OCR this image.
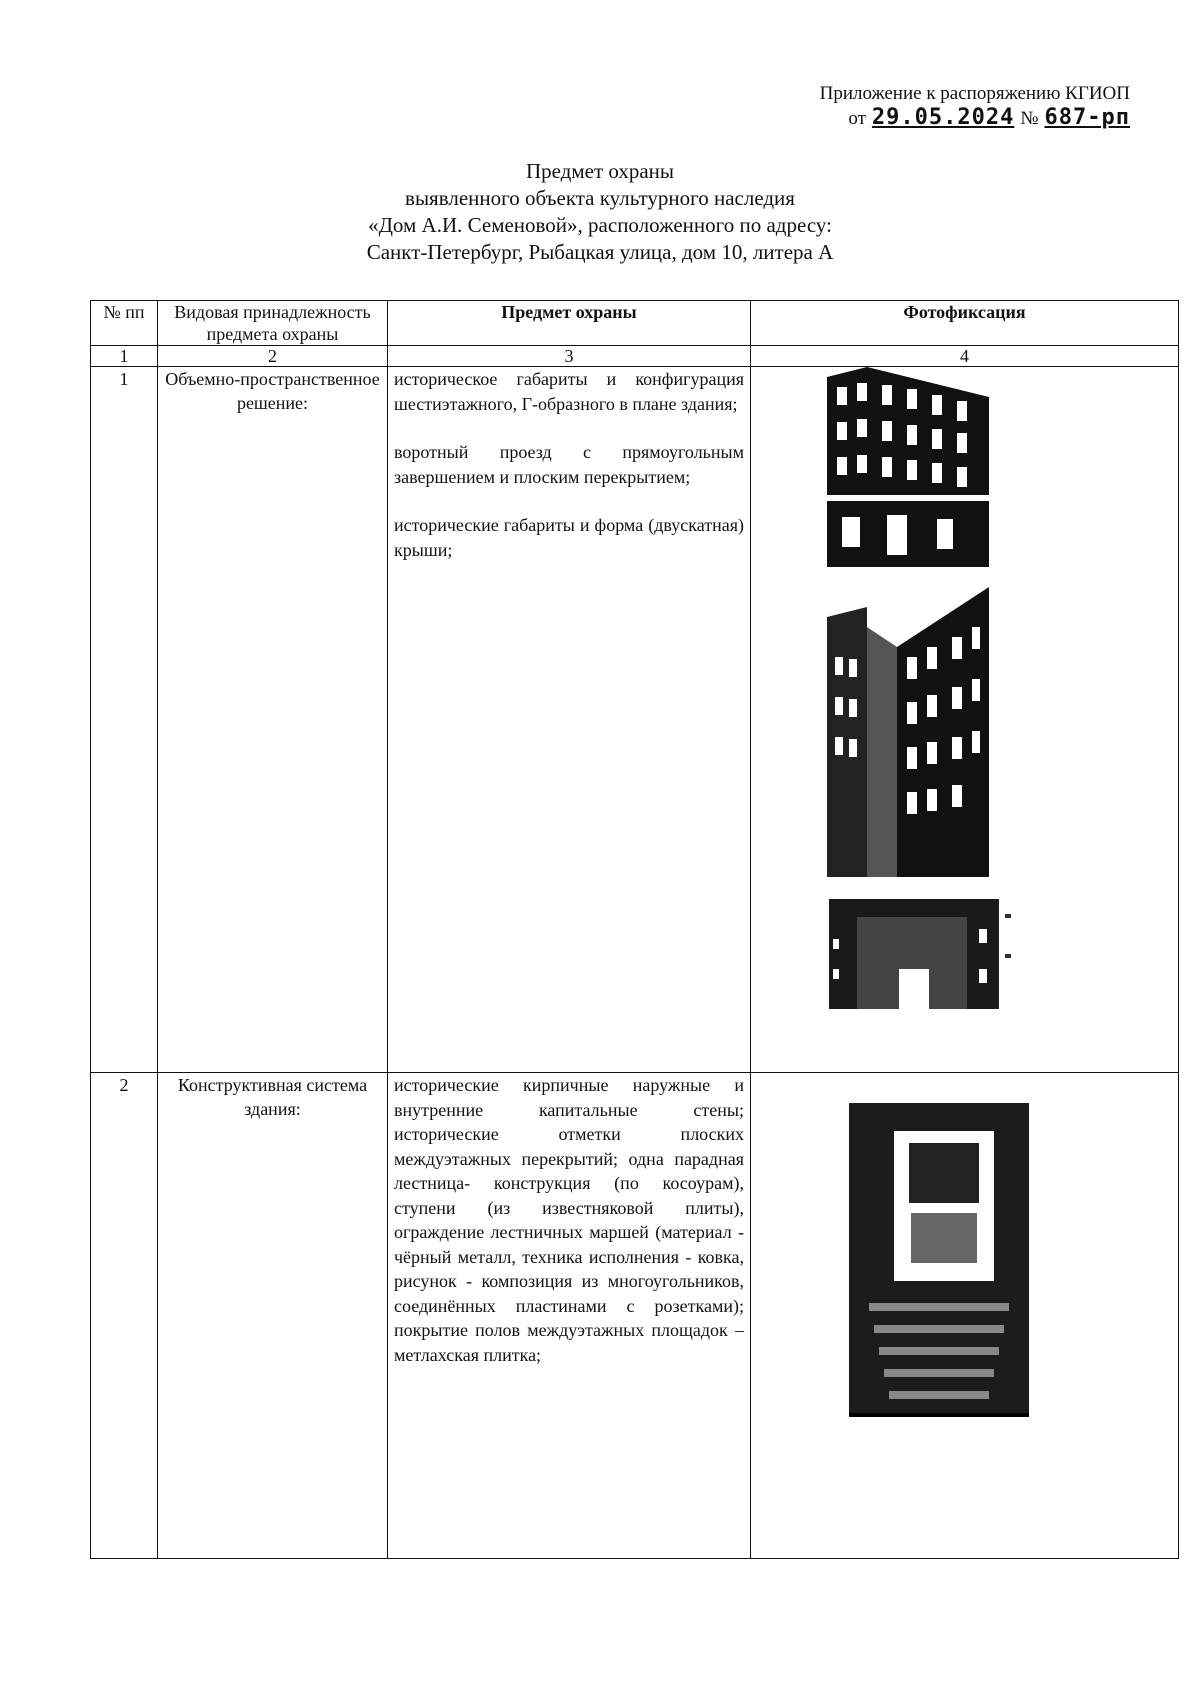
Приложение к распоряжению КГИОП
от 29.05.2024 № 687-рп
Предмет охраны
выявленного объекта культурного наследия
«Дом А.И. Семеновой», расположенного по адресу:
Санкт-Петербург, Рыбацкая улица, дом 10, литера А
№ пп	Видовая принадлежность предмета охраны	Предмет охраны	Фотофиксация
1	2	3	4
1	Объемно-пространственное решение:	историческое габариты и конфигурация шестиэтажного, Г-образного в плане здания;

воротный проезд с прямоугольным завершением и плоским перекрытием;

исторические габариты и форма (двускатная) крыши;

2	Конструктивная система здания:	исторические кирпичные наружные и внутренние капитальные стены; исторические отметки плоских междуэтажных перекрытий; одна парадная лестница- конструкция (по косоурам), ступени (из известняковой плиты), ограждение лестничных маршей (материал - чёрный металл, техника исполнения - ковка, рисунок - композиция из многоугольников, соединённых пластинами с розетками); покрытие полов междуэтажных площадок – метлахская плитка;
